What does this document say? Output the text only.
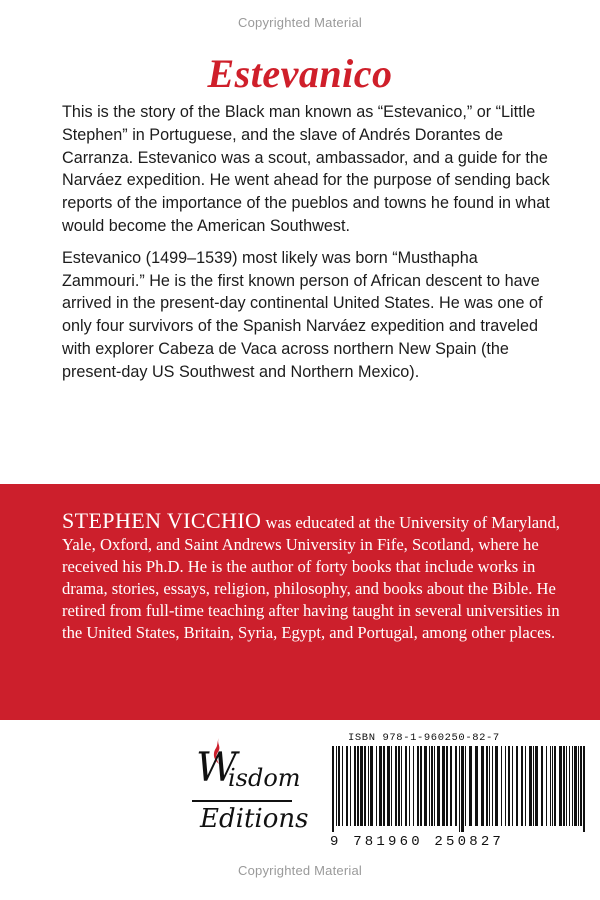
Copyrighted Material
Estevanico

This is the story of the Black man known as “Estevanico,” or “Little Stephen” in Portuguese, and the slave of Andrés Dorantes de Carranza. Estevanico was a scout, ambassador, and a guide for the Narváez expedition. He went ahead for the purpose of sending back reports of the importance of the pueblos and towns he found in what would become the American Southwest.

Estevanico (1499–1539) most likely was born “Musthapha Zammouri.” He is the first known person of African descent to have arrived in the present-day continental United States. He was one of only four survivors of the Spanish Narváez expedition and traveled with explorer Cabeza de Vaca across northern New Spain (the present-day US Southwest and Northern Mexico).

STEPHEN VICCHIO was educated at the University of Maryland, Yale, Oxford, and Saint Andrews University in Fife, Scotland, where he received his Ph.D. He is the author of forty books that include works in drama, stories, essays, religion, philosophy, and books about the Bible. He retired from full-time teaching after having taught in several universities in the United States, Britain, Syria, Egypt, and Portugal, among other places.

W
isdom
Editions
ISBN 978-1-960250-82-7
9 781960 250827
Copyrighted Material
